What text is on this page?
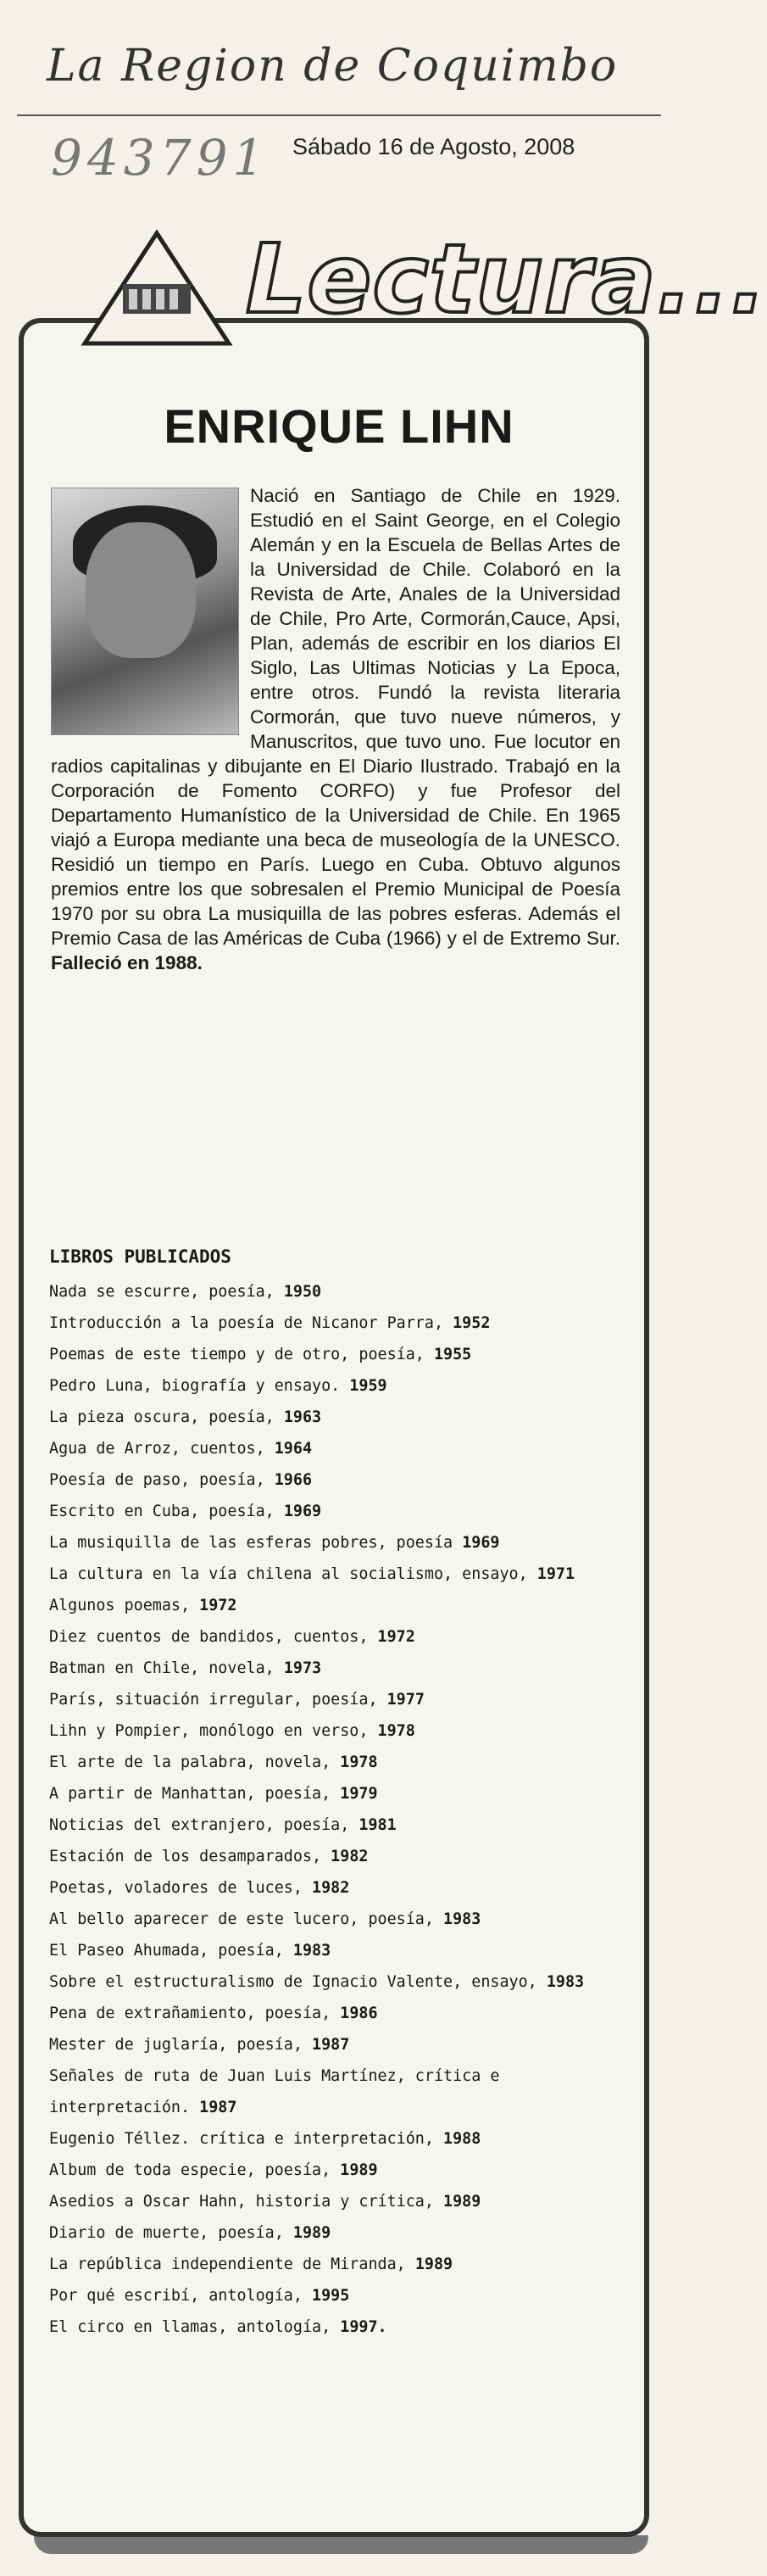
La Region de Coquimbo
943791 Sábado 16 de Agosto, 2008
Lectura...
ENRIQUE LIHN

Nació en Santiago de Chile en 1929. Estudió en el Saint George, en el Colegio Alemán y en la Escuela de Bellas Artes de la Universidad de Chile. Colaboró en la Revista de Arte, Anales de la Universidad de Chile, Pro Arte, Cormorán,Cauce, Apsi, Plan, además de escribir en los diarios El Siglo, Las Ultimas Noticias y La Epoca, entre otros. Fundó la revista literaria Cormorán, que tuvo nueve números, y Manuscritos, que tuvo uno. Fue locutor en radios capitalinas y dibujante en El Diario Ilustrado. Trabajó en la Corporación de Fomento CORFO) y fue Profesor del Departamento Humanístico de la Universidad de Chile. En 1965 viajó a Europa mediante una beca de museología de la UNESCO. Residió un tiempo en París. Luego en Cuba. Obtuvo algunos premios entre los que sobresalen el Premio Municipal de Poesía 1970 por su obra La musiquilla de las pobres esferas. Además el Premio Casa de las Américas de Cuba (1966) y el de Extremo Sur. Falleció en 1988.

LIBROS PUBLICADOS
Nada se escurre, poesía, 1950
Introducción a la poesía de Nicanor Parra, 1952
Poemas de este tiempo y de otro, poesía, 1955
Pedro Luna, biografía y ensayo. 1959
La pieza oscura, poesía, 1963
Agua de Arroz, cuentos, 1964
Poesía de paso, poesía, 1966
Escrito en Cuba, poesía, 1969
La musiquilla de las esferas pobres, poesía 1969
La cultura en la vía chilena al socialismo, ensayo, 1971
Algunos poemas, 1972
Diez cuentos de bandidos, cuentos, 1972
Batman en Chile, novela, 1973
París, situación irregular, poesía, 1977
Lihn y Pompier, monólogo en verso, 1978
El arte de la palabra, novela, 1978
A partir de Manhattan, poesía, 1979
Noticias del extranjero, poesía, 1981
Estación de los desamparados, 1982
Poetas, voladores de luces, 1982
Al bello aparecer de este lucero, poesía, 1983
El Paseo Ahumada, poesía, 1983
Sobre el estructuralismo de Ignacio Valente, ensayo, 1983
Pena de extrañamiento, poesía, 1986
Mester de juglaría, poesía, 1987
Señales de ruta de Juan Luis Martínez, crítica e interpretación. 1987
Eugenio Téllez. crítica e interpretación, 1988
Album de toda especie, poesía, 1989
Asedios a Oscar Hahn, historia y crítica, 1989
Diario de muerte, poesía, 1989
La república independiente de Miranda, 1989
Por qué escribí, antología, 1995
El circo en llamas, antología, 1997.
